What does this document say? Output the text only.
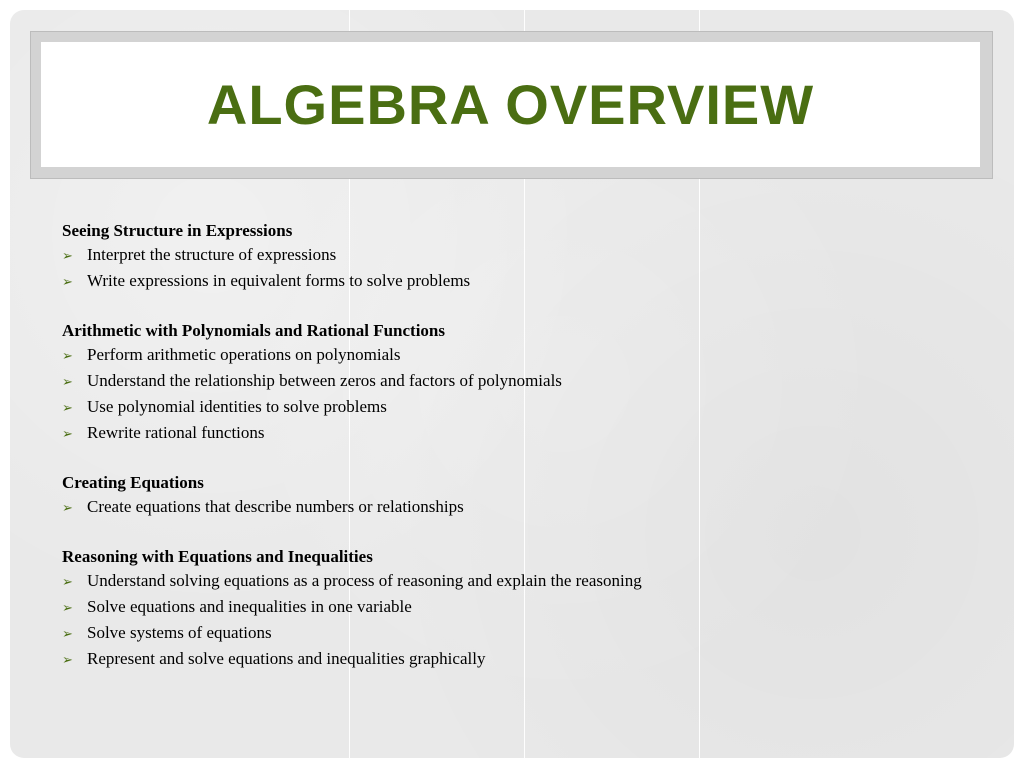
ALGEBRA OVERVIEW

Seeing Structure in Expressions

➢ Interpret the structure of expressions
➢ Write expressions in equivalent forms to solve problems

Arithmetic with Polynomials and Rational Functions

➢ Perform arithmetic operations on polynomials
➢ Understand the relationship between zeros and factors of polynomials
➢ Use polynomial identities to solve problems
➢ Rewrite rational functions

Creating Equations

➢ Create equations that describe numbers or relationships

Reasoning with Equations and Inequalities

➢ Understand solving equations as a process of reasoning and explain the reasoning
➢ Solve equations and inequalities in one variable
➢ Solve systems of equations
➢ Represent and solve equations and inequalities graphically
